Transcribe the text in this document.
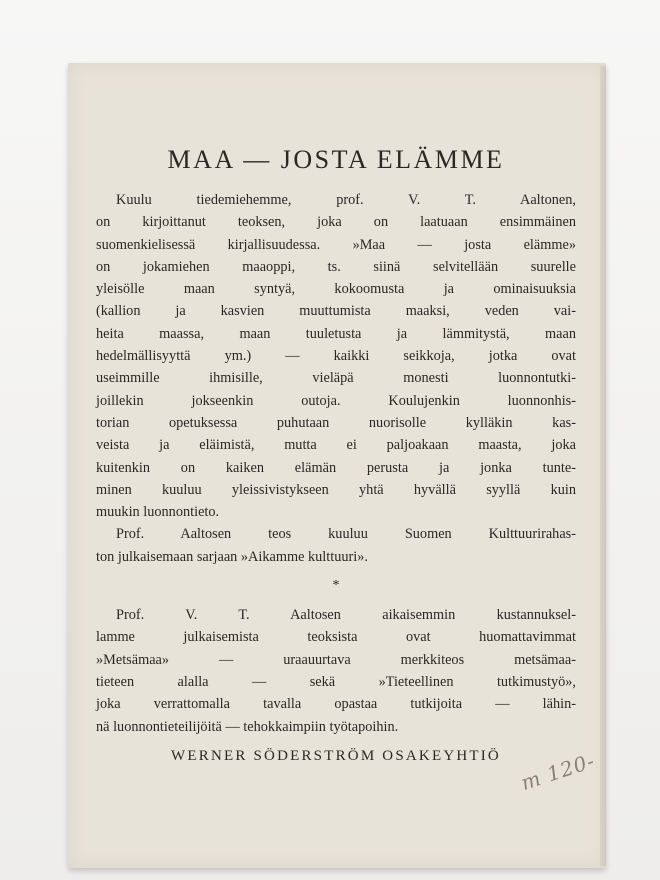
MAA — JOSTA ELÄMME
Kuulu tiedemiehemme, prof. V. T. Aaltonen,
on kirjoittanut teoksen, joka on laatuaan ensimmäinen
suomenkielisessä kirjallisuudessa. »Maa — josta elämme»
on jokamiehen maaoppi, ts. siinä selvitellään suurelle
yleisölle maan syntyä, kokoomusta ja ominaisuuksia
(kallion ja kasvien muuttumista maaksi, veden vai-
heita maassa, maan tuuletusta ja lämmitystä, maan
hedelmällisyyttä ym.) — kaikki seikkoja, jotka ovat
useimmille ihmisille, vieläpä monesti luonnontutki-
joillekin jokseenkin outoja. Koulujenkin luonnonhis-
torian opetuksessa puhutaan nuorisolle kylläkin kas-
veista ja eläimistä, mutta ei paljoakaan maasta, joka
kuitenkin on kaiken elämän perusta ja jonka tunte-
minen kuuluu yleissivistykseen yhtä hyvällä syyllä kuin
muukin luonnontieto.
Prof. Aaltosen teos kuuluu Suomen Kulttuurirahas-
ton julkaisemaan sarjaan »Aikamme kulttuuri».
*
Prof. V. T. Aaltosen aikaisemmin kustannuksel-
lamme julkaisemista teoksista ovat huomattavimmat
»Metsämaa» — uraauurtava merkkiteos metsämaa-
tieteen alalla — sekä »Tieteellinen tutkimustyö»,
joka verrattomalla tavalla opastaa tutkijoita — lähin-
nä luonnontieteilijöitä — tehokkaimpiin työtapoihin.
WERNER SÖDERSTRÖM OSAKEYHTIÖ m 120-
